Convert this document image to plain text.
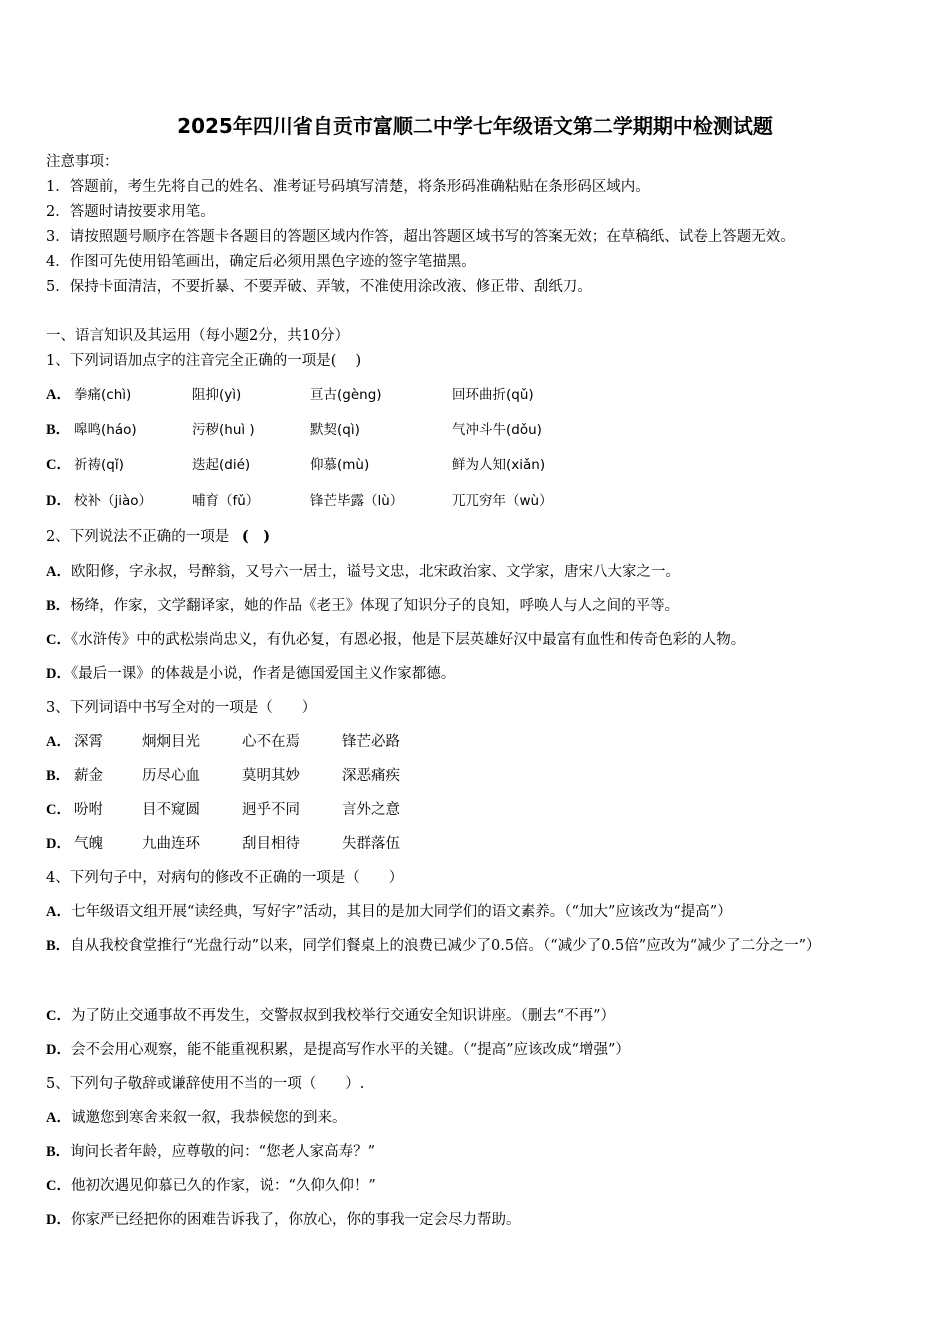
2025年四川省自贡市富顺二中学七年级语文第二学期期中检测试题
注意事项：
1．答题前，考生先将自己的姓名、准考证号码填写清楚，将条形码准确粘贴在条形码区域内。
2．答题时请按要求用笔。
3．请按照题号顺序在答题卡各题目的答题区域内作答，超出答题区域书写的答案无效；在草稿纸、试卷上答题无效。
4．作图可先使用铅笔画出，确定后必须用黑色字迹的签字笔描黑。
5．保持卡面清洁，不要折暴、不要弄破、弄皱，不准使用涂改液、修正带、刮纸刀。
一、语言知识及其运用（每小题2分，共10分）
1、下列词语加点字的注音完全正确的一项是(　 )
A． 拳痛(chì)	阻抑(yì)	亘古(gèng)	回环曲折(qǔ)
B． 嗥鸣(háo)	污秽(huì )	默契(qì)	气冲斗牛(dǒu)
C． 祈祷(qǐ)	迭起(dié)	仰慕(mù)	鲜为人知(xiǎn)
D． 校补（jiào）	哺育（fǔ）	锋芒毕露（lù）	兀兀穷年（wù）
2、下列说法不正确的一项是 (　)
A．欧阳修，字永叔，号醉翁，又号六一居士，谥号文忠，北宋政治家、文学家，唐宋八大家之一。
B．杨绛，作家，文学翻译家，她的作品《老王》体现了知识分子的良知，呼唤人与人之间的平等。
C．《水浒传》中的武松崇尚忠义，有仇必复，有恩必报，他是下层英雄好汉中最富有血性和传奇色彩的人物。
D．《最后一课》的体裁是小说，作者是德国爱国主义作家都德。
3、下列词语中书写全对的一项是（　　）
A． 深霄	炯炯目光	心不在焉	锋芒必路
B． 薪金	历尽心血	莫明其妙	深恶痛疾
C． 吩咐	目不窥圆	迥乎不同	言外之意
D． 气魄	九曲连环	刮目相待	失群落伍
4、下列句子中，对病句的修改不正确的一项是（　　）
A．七年级语文组开展“读经典，写好字”活动，其目的是加大同学们的语文素养。（“加大”应该改为“提高”）
B．自从我校食堂推行“光盘行动”以来，同学们餐桌上的浪费已减少了0.5倍。（“减少了0.5倍”应改为“减少了二分之一”）
C．为了防止交通事故不再发生，交警叔叔到我校举行交通安全知识讲座。（删去“不再”）
D．会不会用心观察，能不能重视积累，是提高写作水平的关键。（“提高”应该改成“增强”）
5、下列句子敬辞或谦辞使用不当的一项（　　）.
A．诚邀您到寒舍来叙一叙，我恭候您的到来。
B．询问长者年龄，应尊敬的问：“您老人家高寿？”
C．他初次遇见仰慕已久的作家，说：“久仰久仰！”
D．你家严已经把你的困难告诉我了，你放心，你的事我一定会尽力帮助。
